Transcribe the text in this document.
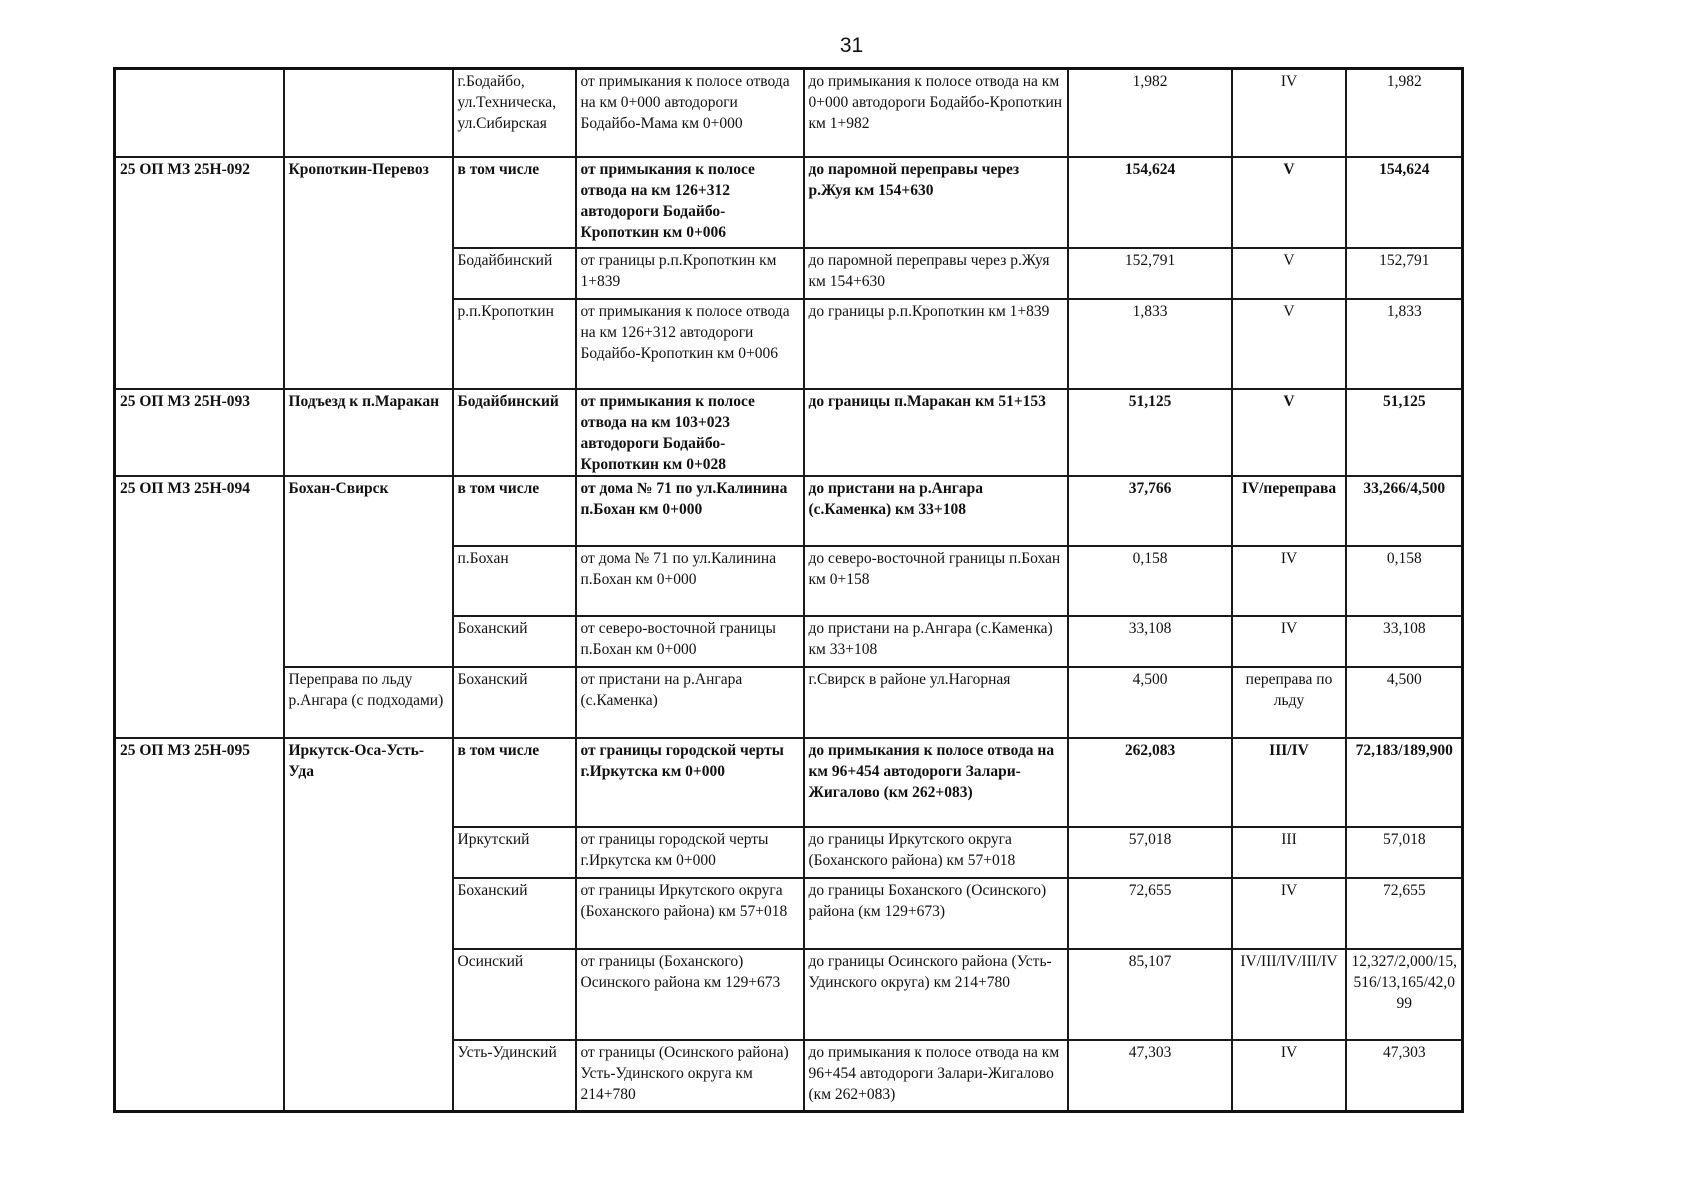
31
		г.Бодайбо, ул.Техническа, ул.Сибирская	от примыкания к полосе отвода на км 0+000 автодороги Бодайбо-Мама км 0+000	до примыкания к полосе отвода на км 0+000 автодороги Бодайбо-Кропоткин км 1+982	1,982	IV	1,982
25 ОП МЗ 25Н-092	Кропоткин-Перевоз	в том числе	от примыкания к полосе отвода на км 126+312 автодороги Бодайбо-Кропоткин км 0+006	до паромной переправы через р.Жуя км 154+630	154,624	V	154,624
		Бодайбинский	от границы р.п.Кропоткин км 1+839	до паромной переправы через р.Жуя км 154+630	152,791	V	152,791
		р.п.Кропоткин	от примыкания к полосе отвода на км 126+312 автодороги Бодайбо-Кропоткин км 0+006	до границы р.п.Кропоткин км 1+839	1,833	V	1,833
25 ОП МЗ 25Н-093	Подъезд к п.Маракан	Бодайбинский	от примыкания к полосе отвода на км 103+023 автодороги Бодайбо-Кропоткин км 0+028	до границы п.Маракан км 51+153	51,125	V	51,125
25 ОП МЗ 25Н-094	Бохан-Свирск	в том числе	от дома № 71 по ул.Калинина п.Бохан км 0+000	до пристани на р.Ангара (с.Каменка) км 33+108	37,766	IV/переправа	33,266/4,500
		п.Бохан	от дома № 71 по ул.Калинина п.Бохан км 0+000	до северо-восточной границы п.Бохан км 0+158	0,158	IV	0,158
		Боханский	от северо-восточной границы п.Бохан км 0+000	до пристани на р.Ангара (с.Каменка) км 33+108	33,108	IV	33,108
	Переправа по льду р.Ангара (с подходами)	Боханский	от пристани на р.Ангара (с.Каменка)	г.Свирск в районе ул.Нагорная	4,500	переправа по льду	4,500
25 ОП МЗ 25Н-095	Иркутск-Оса-Усть-Уда	в том числе	от границы городской черты г.Иркутска км 0+000	до примыкания к полосе отвода на км 96+454 автодороги Залари-Жигалово (км 262+083)	262,083	III/IV	72,183/189,900
		Иркутский	от границы городской черты г.Иркутска км 0+000	до границы Иркутского округа (Боханского района) км 57+018	57,018	III	57,018
		Боханский	от границы Иркутского округа (Боханского района) км 57+018	до границы Боханского (Осинского) района (км 129+673)	72,655	IV	72,655
		Осинский	от границы (Боханского) Осинского района км 129+673	до границы Осинского района (Усть-Удинского округа) км 214+780	85,107	IV/III/IV/III/IV	12,327/2,000/15,516/13,165/42,099
		Усть-Удинский	от границы (Осинского района) Усть-Удинского округа км 214+780	до примыкания к полосе отвода на км 96+454 автодороги Залари-Жигалово (км 262+083)	47,303	IV	47,303
